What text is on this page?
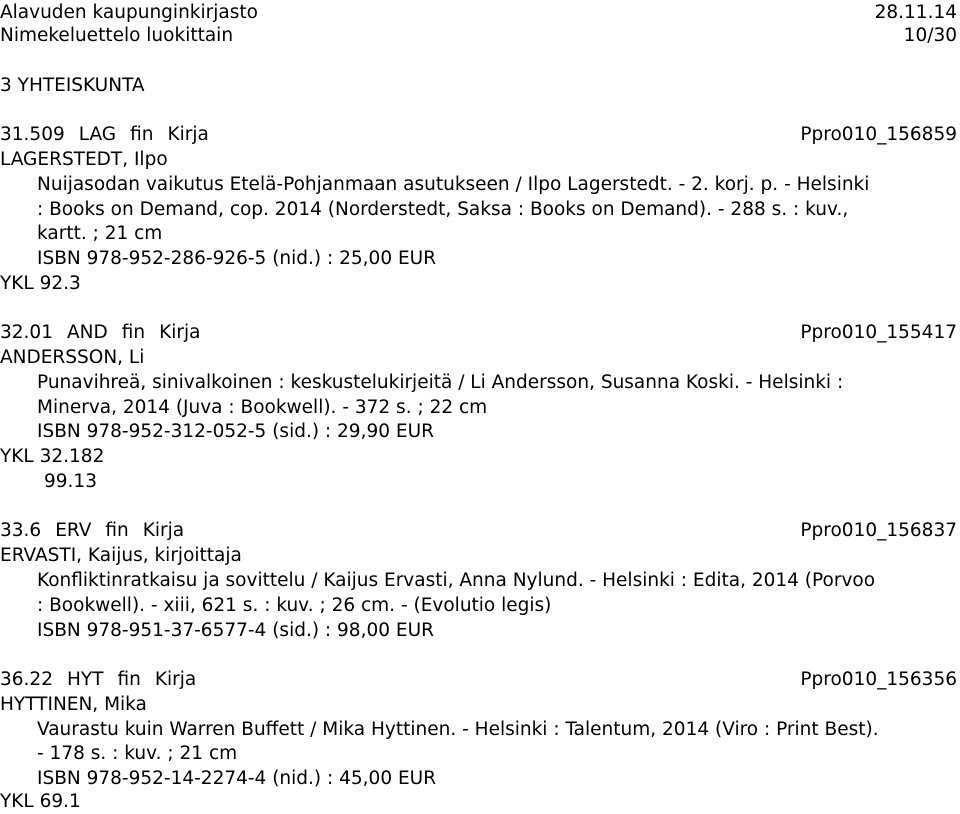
Alavuden kaupunginkirjasto	28.11.14
Nimekeluettelo luokittain	10/30
3 YHTEISKUNTA
31.509 LAG fin Kirja	Ppro010_156859
LAGERSTEDT, Ilpo
Nuijasodan vaikutus Etelä-Pohjanmaan asutukseen / Ilpo Lagerstedt. - 2. korj. p. - Helsinki
: Books on Demand, cop. 2014 (Norderstedt, Saksa : Books on Demand). - 288 s. : kuv.,
kartt. ; 21 cm
ISBN 978-952-286-926-5 (nid.) : 25,00 EUR
YKL 92.3
32.01 AND fin Kirja	Ppro010_155417
ANDERSSON, Li
Punavihreä, sinivalkoinen : keskustelukirjeitä / Li Andersson, Susanna Koski. - Helsinki :
Minerva, 2014 (Juva : Bookwell). - 372 s. ; 22 cm
ISBN 978-952-312-052-5 (sid.) : 29,90 EUR
YKL 32.182
99.13
33.6 ERV fin Kirja	Ppro010_156837
ERVASTI, Kaijus, kirjoittaja
Konfliktinratkaisu ja sovittelu / Kaijus Ervasti, Anna Nylund. - Helsinki : Edita, 2014 (Porvoo
: Bookwell). - xiii, 621 s. : kuv. ; 26 cm. - (Evolutio legis)
ISBN 978-951-37-6577-4 (sid.) : 98,00 EUR
36.22 HYT fin Kirja	Ppro010_156356
HYTTINEN, Mika
Vaurastu kuin Warren Buffett / Mika Hyttinen. - Helsinki : Talentum, 2014 (Viro : Print Best).
- 178 s. : kuv. ; 21 cm
ISBN 978-952-14-2274-4 (nid.) : 45,00 EUR
YKL 69.1
